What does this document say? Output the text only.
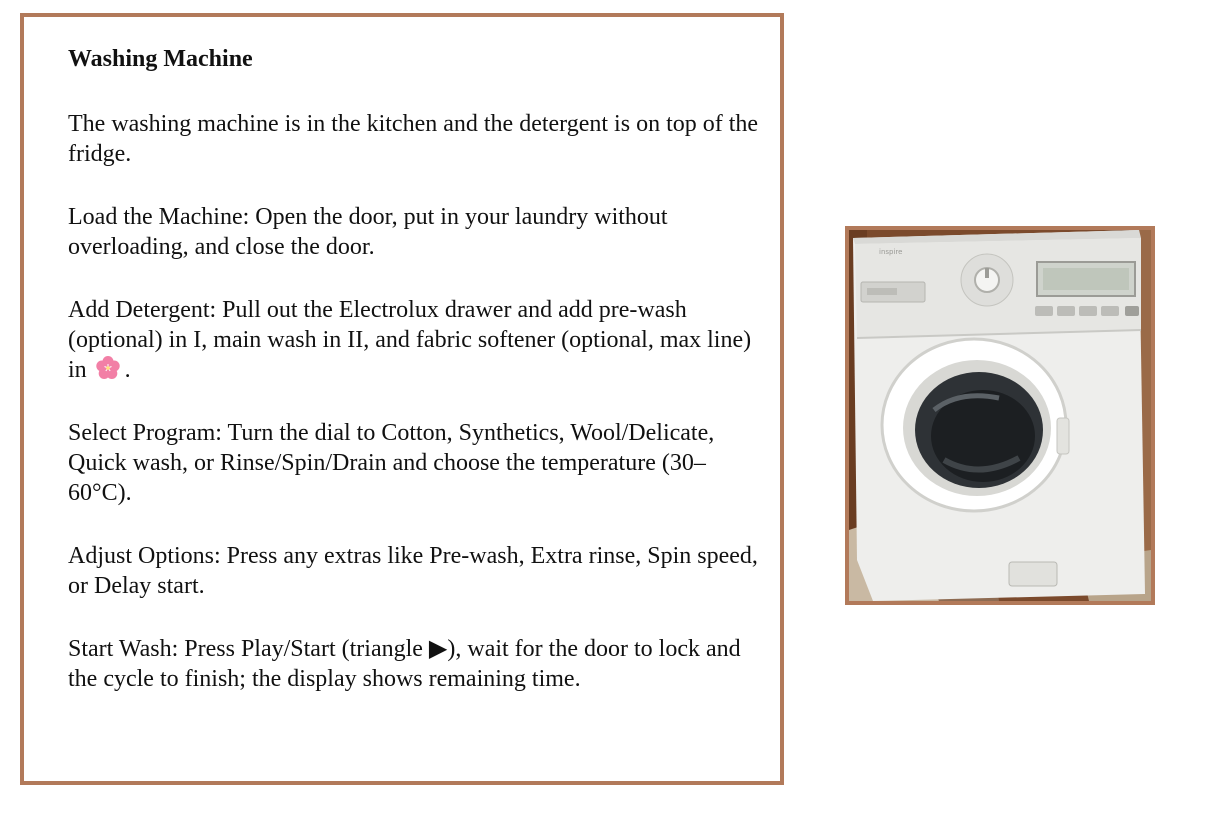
Washing Machine
The washing machine is in the kitchen and the detergent is on top of the fridge.
Load the Machine: Open the door, put in your laundry without overloading, and close the door.
Add Detergent: Pull out the Electrolux drawer and add pre-wash (optional) in I, main wash in II, and fabric softener (optional, max line) in .
Select Program: Turn the dial to Cotton, Synthetics, Wool/Delicate, Quick wash, or Rinse/Spin/Drain and choose the temperature (30–60°C).
Adjust Options: Press any extras like Pre-wash, Extra rinse, Spin speed, or Delay start.
Start Wash: Press Play/Start (triangle ▶), wait for the door to lock and the cycle to finish; the display shows remaining time.
inspire
